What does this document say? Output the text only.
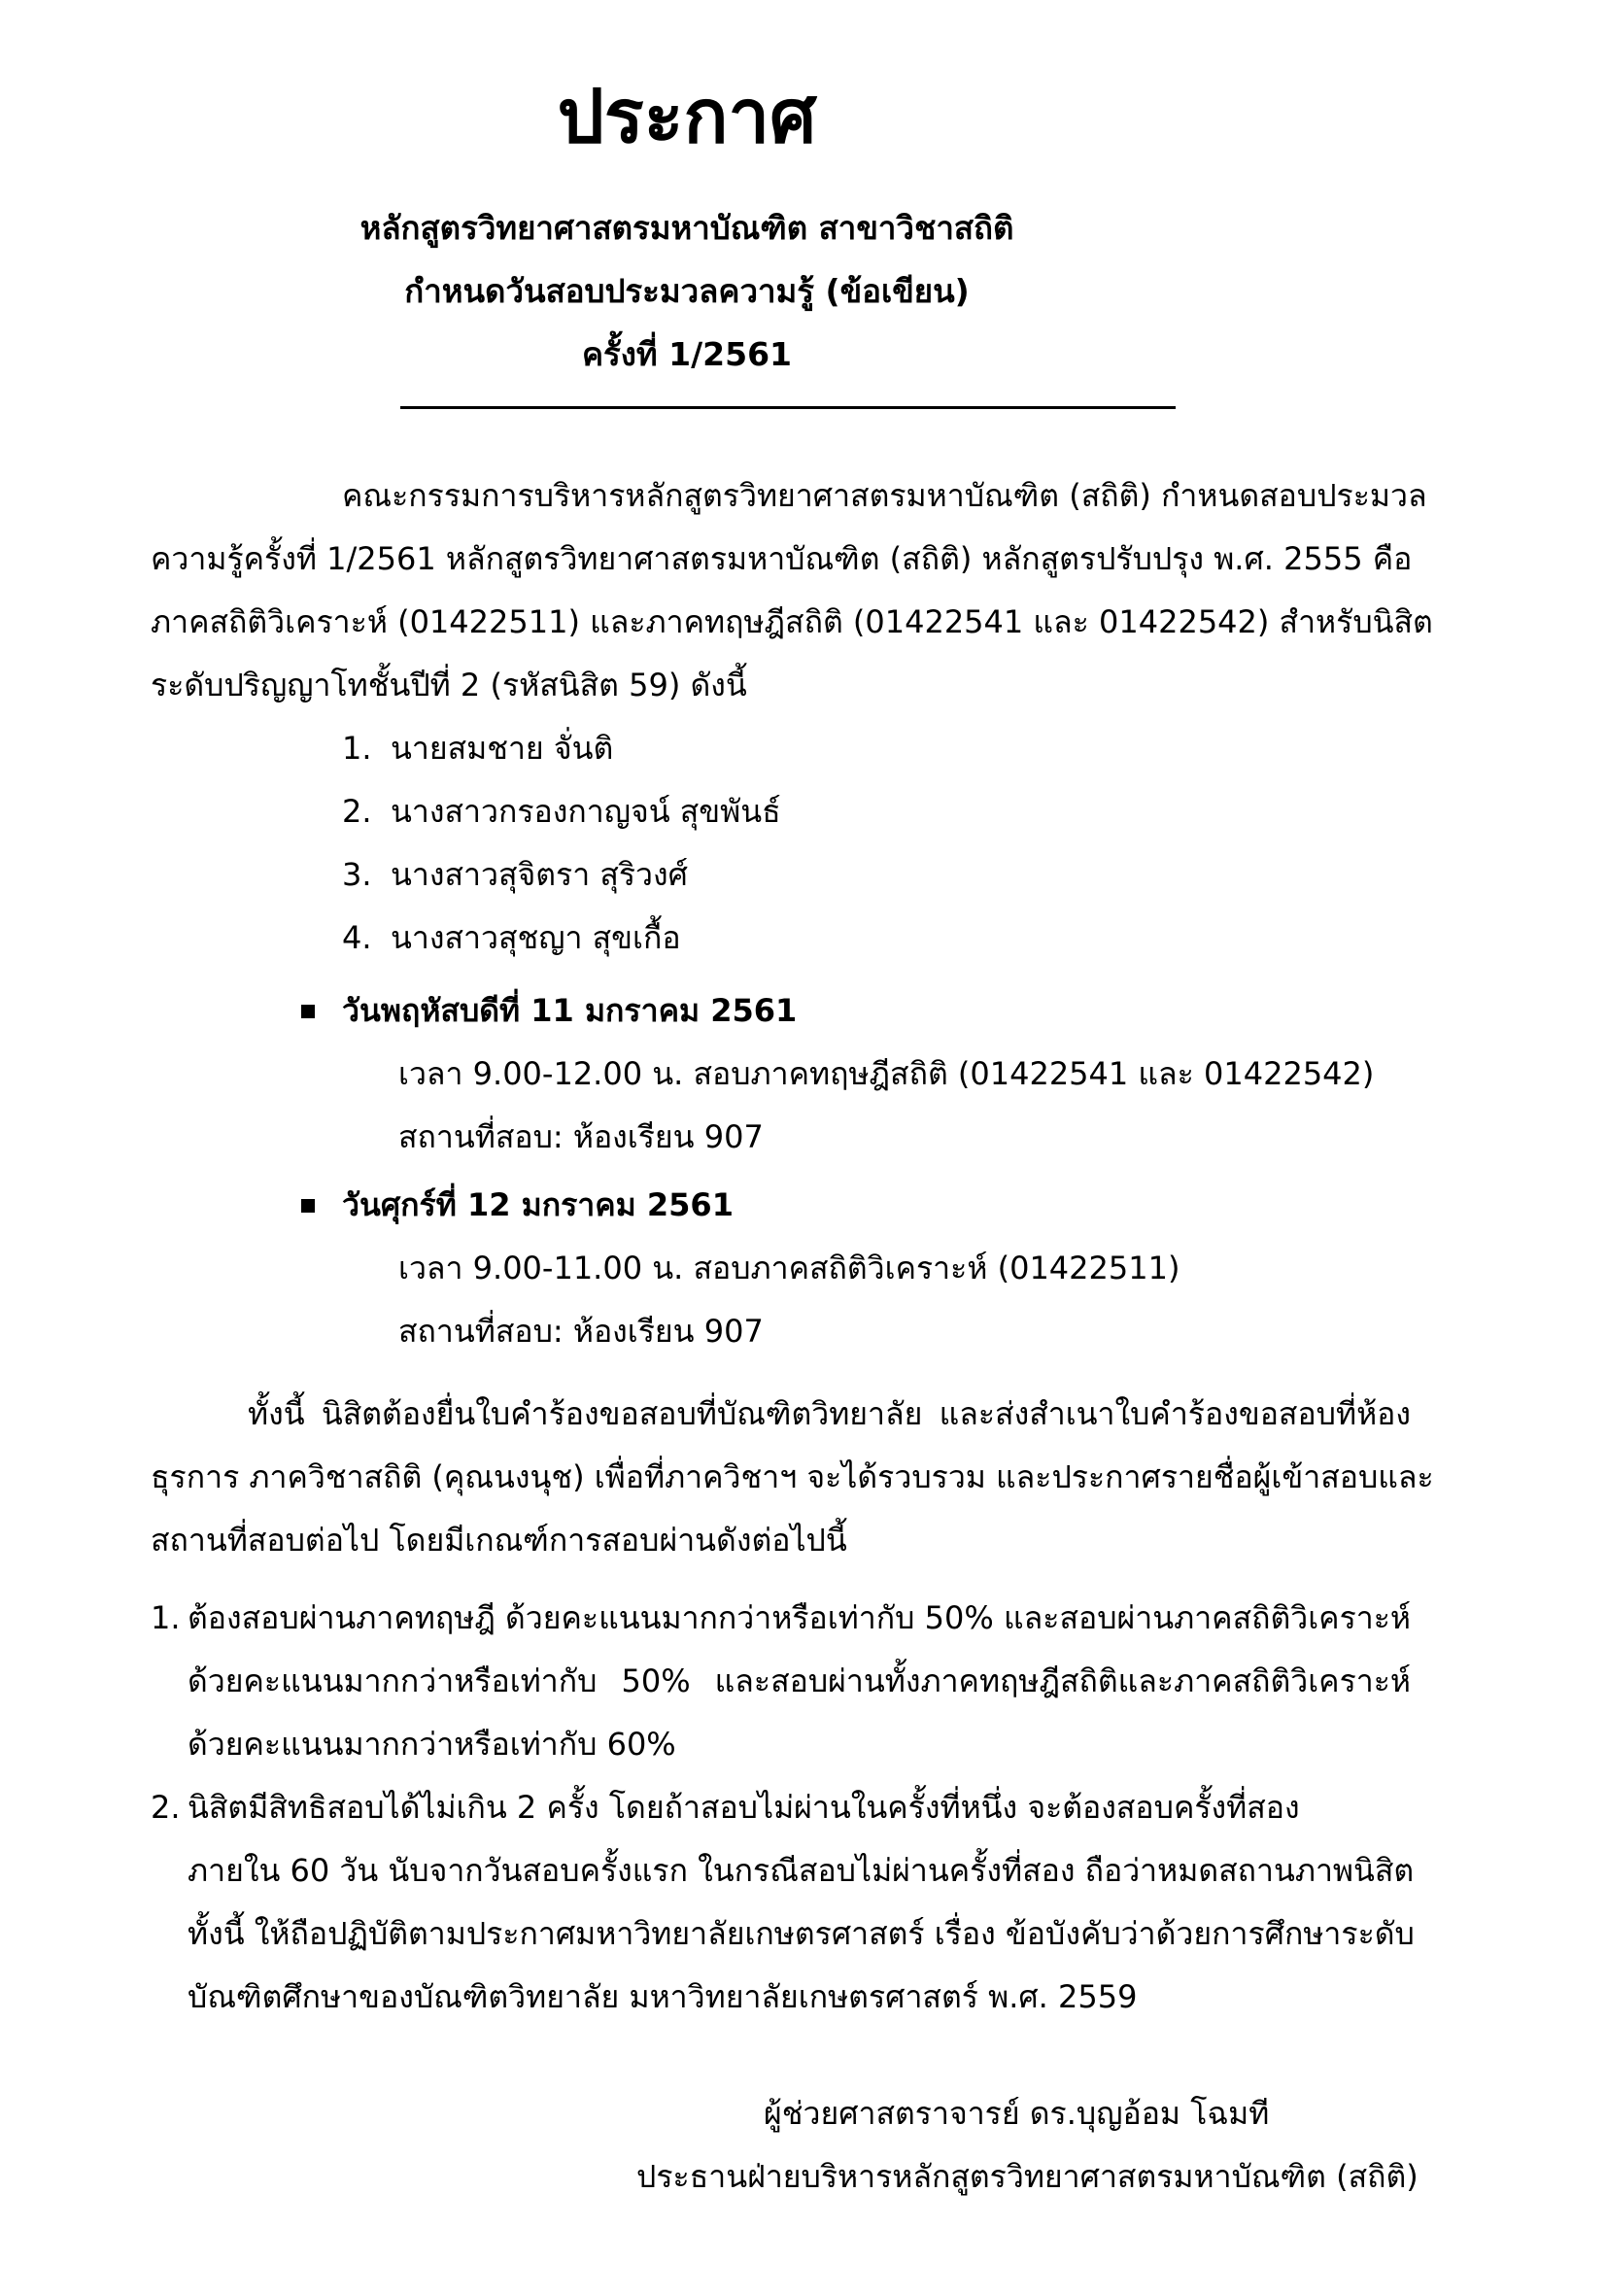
ประกาศ
หลักสูตรวิทยาศาสตรมหาบัณฑิต สาขาวิชาสถิติ
กำหนดวันสอบประมวลความรู้ (ข้อเขียน)
ครั้งที่ 1/2561
คณะกรรมการบริหารหลักสูตรวิทยาศาสตรมหาบัณฑิต (สถิติ) กำหนดสอบประมวล
ความรู้ครั้งที่ 1/2561 หลักสูตรวิทยาศาสตรมหาบัณฑิต (สถิติ) หลักสูตรปรับปรุง พ.ศ. 2555 คือ
ภาคสถิติวิเคราะห์ (01422511) และภาคทฤษฎีสถิติ (01422541 และ 01422542) สำหรับนิสิต
ระดับปริญญาโทชั้นปีที่ 2 (รหัสนิสิต 59) ดังนี้
1. นายสมชาย จั่นติ
2. นางสาวกรองกาญจน์ สุขพันธ์
3. นางสาวสุจิตรา สุริวงศ์
4. นางสาวสุชญา สุขเกื้อ
วันพฤหัสบดีที่ 11 มกราคม 2561
เวลา 9.00-12.00 น. สอบภาคทฤษฎีสถิติ (01422541 และ 01422542)
สถานที่สอบ: ห้องเรียน 907
วันศุกร์ที่ 12 มกราคม 2561
เวลา 9.00-11.00 น. สอบภาคสถิติวิเคราะห์ (01422511)
สถานที่สอบ: ห้องเรียน 907
ทั้งนี้ นิสิตต้องยื่นใบคำร้องขอสอบที่บัณฑิตวิทยาลัย และส่งสำเนาใบคำร้องขอสอบที่ห้อง
ธุรการ ภาควิชาสถิติ (คุณนงนุช) เพื่อที่ภาควิชาฯ จะได้รวบรวม และประกาศรายชื่อผู้เข้าสอบและ
สถานที่สอบต่อไป โดยมีเกณฑ์การสอบผ่านดังต่อไปนี้
1. ต้องสอบผ่านภาคทฤษฎี ด้วยคะแนนมากกว่าหรือเท่ากับ 50% และสอบผ่านภาคสถิติวิเคราะห์
ด้วยคะแนนมากกว่าหรือเท่ากับ 50% และสอบผ่านทั้งภาคทฤษฎีสถิติและภาคสถิติวิเคราะห์
ด้วยคะแนนมากกว่าหรือเท่ากับ 60%
2. นิสิตมีสิทธิสอบได้ไม่เกิน 2 ครั้ง โดยถ้าสอบไม่ผ่านในครั้งที่หนึ่ง จะต้องสอบครั้งที่สอง
ภายใน 60 วัน นับจากวันสอบครั้งแรก ในกรณีสอบไม่ผ่านครั้งที่สอง ถือว่าหมดสถานภาพนิสิต
ทั้งนี้ ให้ถือปฏิบัติตามประกาศมหาวิทยาลัยเกษตรศาสตร์ เรื่อง ข้อบังคับว่าด้วยการศึกษาระดับ
บัณฑิตศึกษาของบัณฑิตวิทยาลัย มหาวิทยาลัยเกษตรศาสตร์ พ.ศ. 2559
ผู้ช่วยศาสตราจารย์ ดร.บุญอ้อม โฉมที
ประธานฝ่ายบริหารหลักสูตรวิทยาศาสตรมหาบัณฑิต (สถิติ)
